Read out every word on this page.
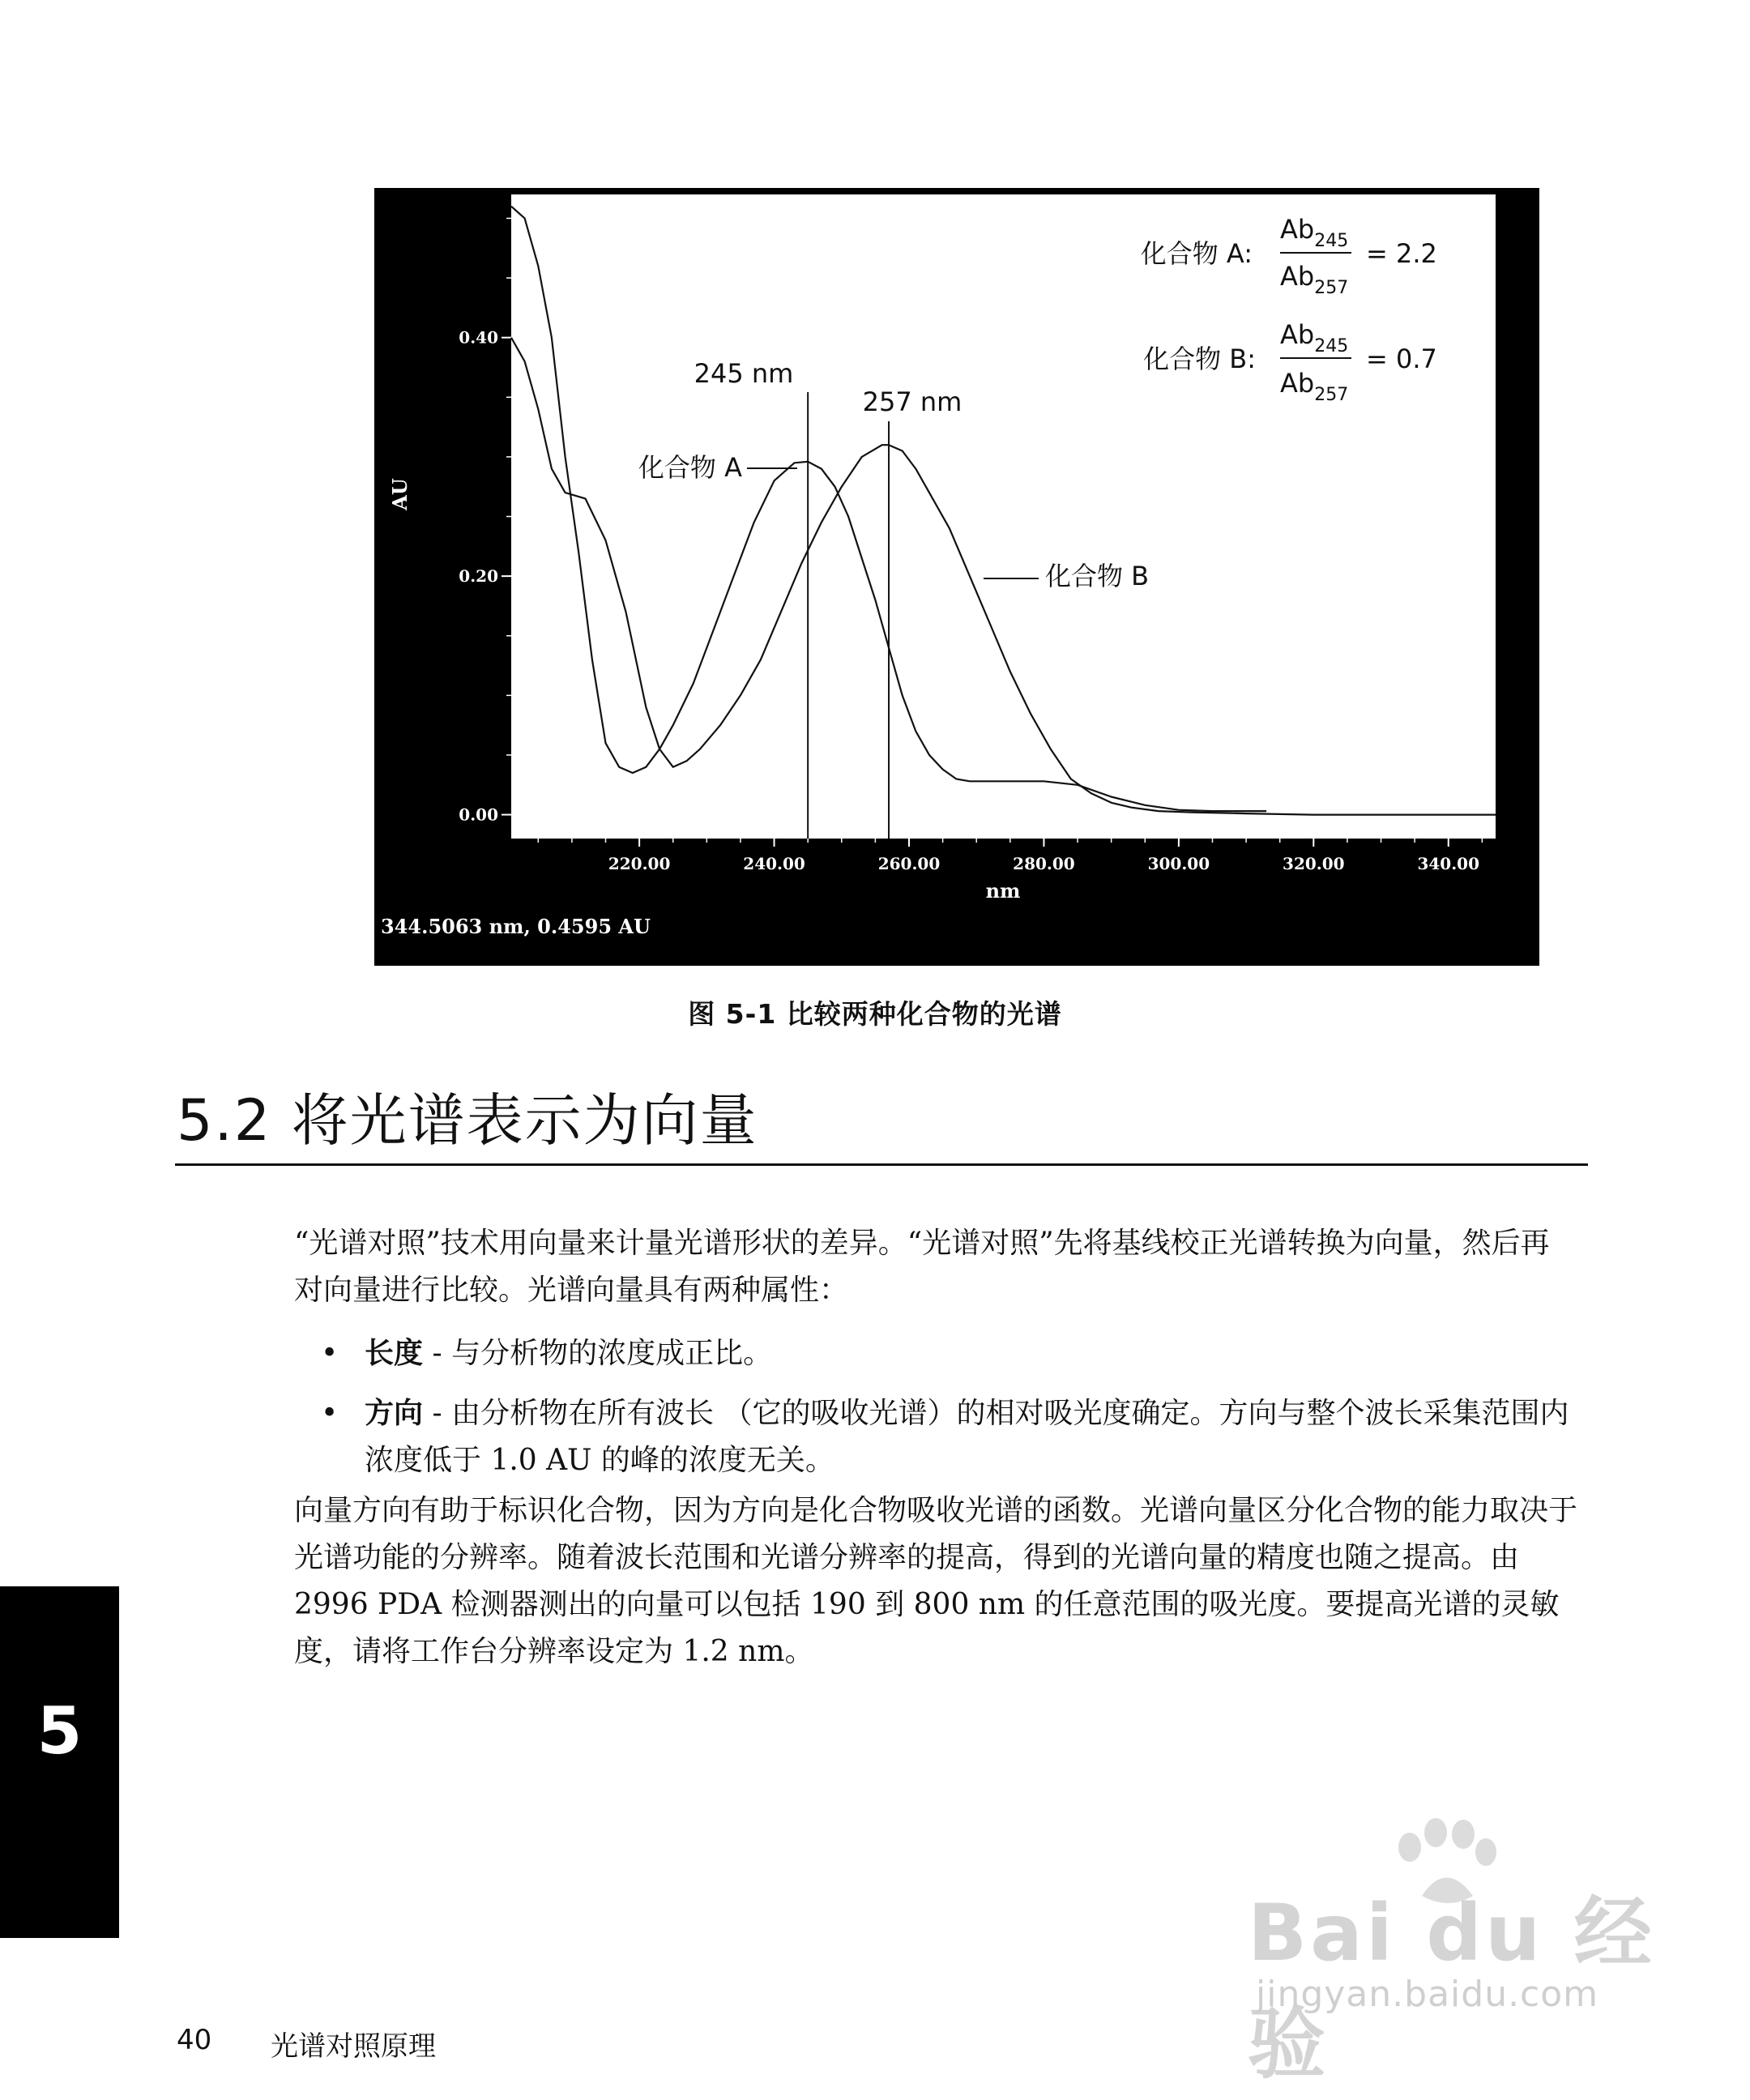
220.00	240.00	260.00	280.00	300.00	320.00	340.00
0.00
0.20
0.40
AU
nm
344.5063 nm, 0.4595 AU
245 nm
257 nm
化合物 A
化合物 B
化合物 A:
$Ab_{245}$
$Ab_{257}$
= 2.2
化合物 B:
$Ab_{245}$
$Ab_{257}$
= 0.7
图 5-1 比较两种化合物的光谱
5.2 将光谱表示为向量

“光谱对照”技术用向量来计量光谱形状的差异。“光谱对照”先将基线校正光谱转换为向量，然后再对向量进行比较。光谱向量具有两种属性：

• 长度 - 与分析物的浓度成正比。
• 方向 - 由分析物在所有波长 （它的吸收光谱）的相对吸光度确定。方向与整个波长采集范围内浓度低于 1.0 AU 的峰的浓度无关。

向量方向有助于标识化合物，因为方向是化合物吸收光谱的函数。光谱向量区分化合物的能力取决于光谱功能的分辨率。随着波长范围和光谱分辨率的提高，得到的光谱向量的精度也随之提高。由 2996 PDA 检测器测出的向量可以包括 190 到 800 nm 的任意范围的吸光度。要提高光谱的灵敏度，请将工作台分辨率设定为 1.2 nm。

5
40 光谱对照原理
Bai du 经验
jingyan.baidu.com
